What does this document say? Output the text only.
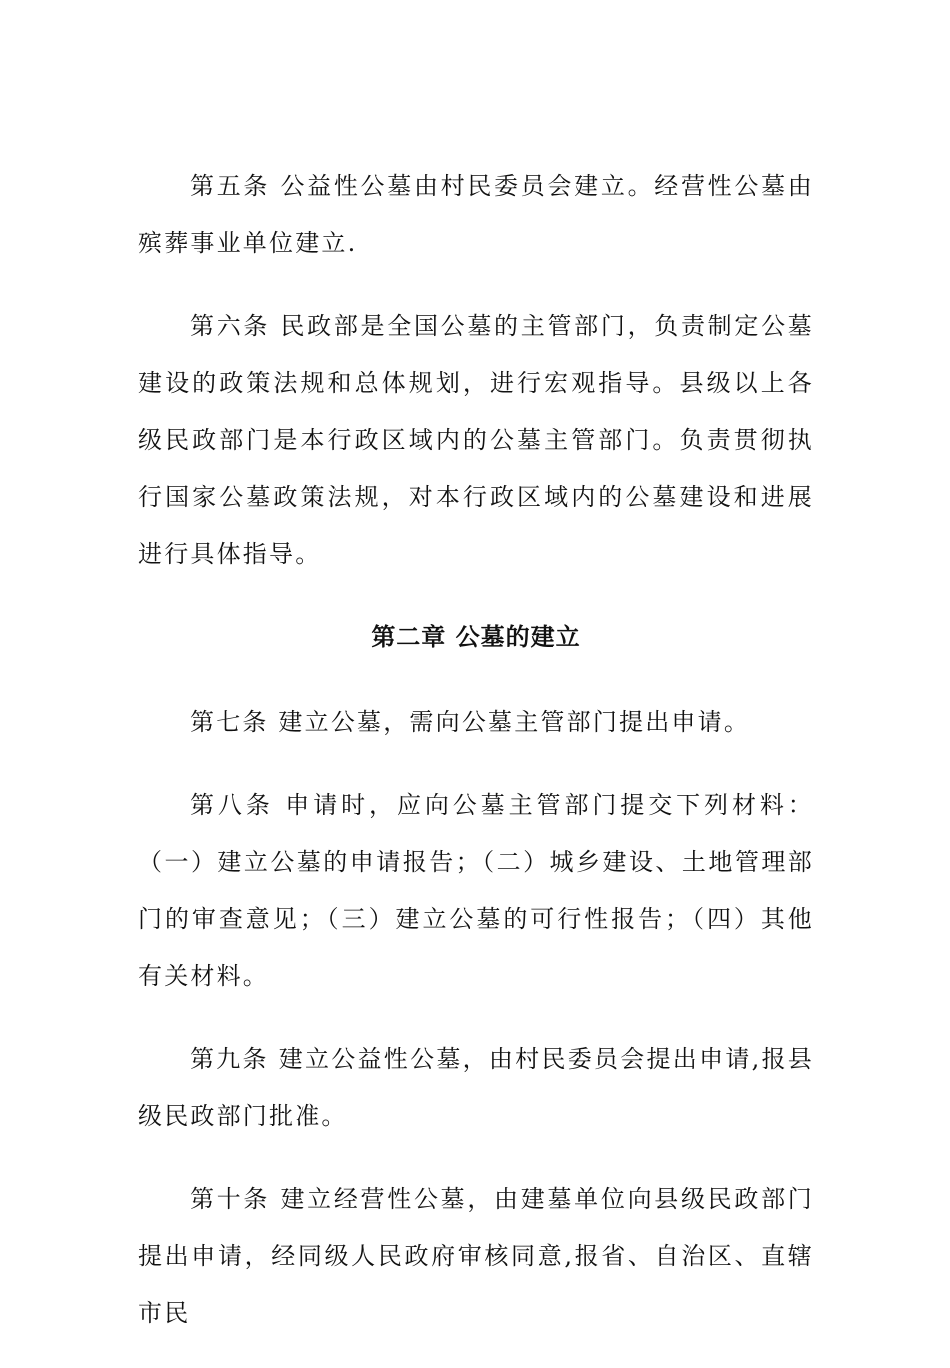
第五条 公益性公墓由村民委员会建立。经营性公墓由殡葬事业单位建立.

第六条 民政部是全国公墓的主管部门，负责制定公墓建设的政策法规和总体规划，进行宏观指导。县级以上各级民政部门是本行政区域内的公墓主管部门。负责贯彻执行国家公墓政策法规，对本行政区域内的公墓建设和进展进行具体指导。

第二章 公墓的建立

第七条 建立公墓，需向公墓主管部门提出申请。

第八条 申请时，应向公墓主管部门提交下列材料：（一）建立公墓的申请报告；（二）城乡建设、土地管理部门的审查意见；（三）建立公墓的可行性报告；（四）其他有关材料。

第九条 建立公益性公墓，由村民委员会提出申请,报县级民政部门批准。

第十条 建立经营性公墓，由建墓单位向县级民政部门提出申请，经同级人民政府审核同意,报省、自治区、直辖市民
